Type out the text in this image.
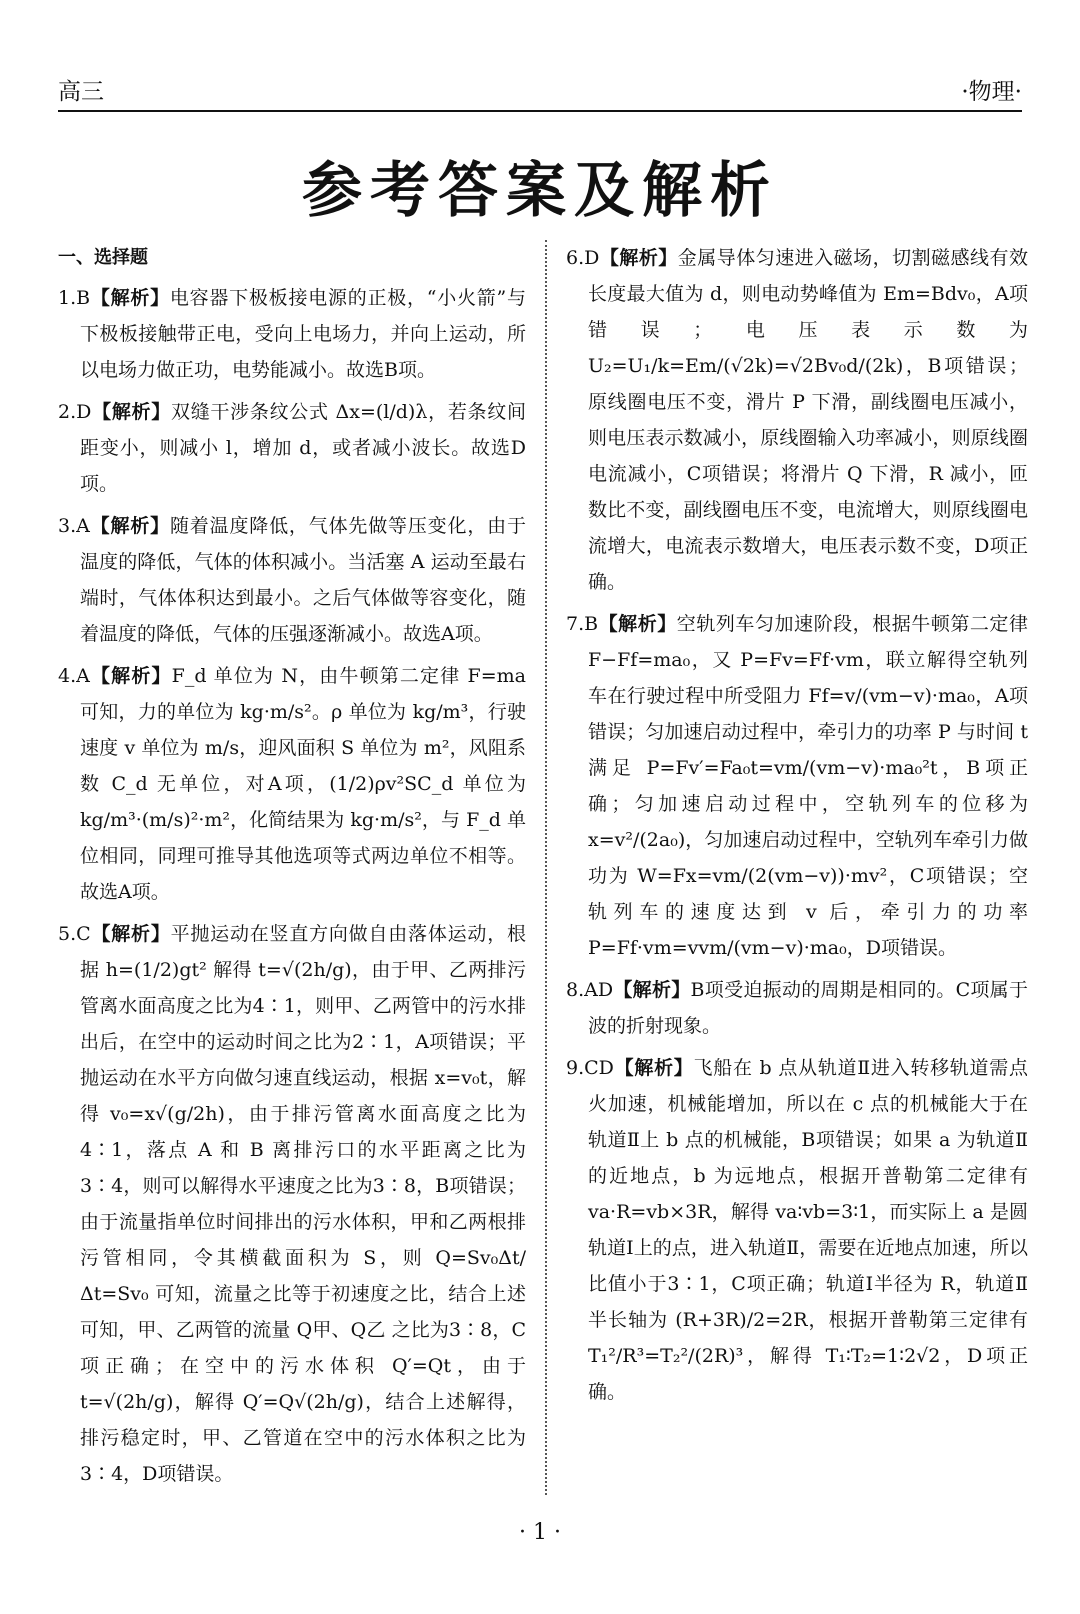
高三	·物理·
参考答案及解析
一、选择题

1.B【解析】电容器下极板接电源的正极，“小火箭”与下极板接触带正电，受向上电场力，并向上运动，所以电场力做正功，电势能减小。故选B项。

2.D【解析】双缝干涉条纹公式 Δx=(l/d)λ，若条纹间距变小，则减小 l，增加 d，或者减小波长。故选D项。

3.A【解析】随着温度降低，气体先做等压变化，由于温度的降低，气体的体积减小。当活塞 A 运动至最右端时，气体体积达到最小。之后气体做等容变化，随着温度的降低，气体的压强逐渐减小。故选A项。

4.A【解析】F_d 单位为 N，由牛顿第二定律 F=ma 可知，力的单位为 kg·m/s²。ρ 单位为 kg/m³，行驶速度 v 单位为 m/s，迎风面积 S 单位为 m²，风阻系数 C_d 无单位，对A项，(1/2)ρv²SC_d 单位为 kg/m³·(m/s)²·m²，化简结果为 kg·m/s²，与 F_d 单位相同，同理可推导其他选项等式两边单位不相等。故选A项。

5.C【解析】平抛运动在竖直方向做自由落体运动，根据 h=(1/2)gt² 解得 t=√(2h/g)，由于甲、乙两排污管离水面高度之比为4∶1，则甲、乙两管中的污水排出后，在空中的运动时间之比为2∶1，A项错误；平抛运动在水平方向做匀速直线运动，根据 x=v₀t，解得 v₀=x√(g/2h)，由于排污管离水面高度之比为4∶1，落点 A 和 B 离排污口的水平距离之比为3∶4，则可以解得水平速度之比为3∶8，B项错误；由于流量指单位时间排出的污水体积，甲和乙两根排污管相同，令其横截面积为 S，则 Q=Sv₀Δt/Δt=Sv₀ 可知，流量之比等于初速度之比，结合上述可知，甲、乙两管的流量 Q甲、Q乙 之比为3∶8，C项正确；在空中的污水体积 Q′=Qt，由于 t=√(2h/g)，解得 Q′=Q√(2h/g)，结合上述解得，排污稳定时，甲、乙管道在空中的污水体积之比为3∶4，D项错误。

6.D【解析】金属导体匀速进入磁场，切割磁感线有效长度最大值为 d，则电动势峰值为 Em=Bdv₀，A项错误；电压表示数为 U₂=U₁/k=Em/(√2k)=√2Bv₀d/(2k)，B项错误；原线圈电压不变，滑片 P 下滑，副线圈电压减小，则电压表示数减小，原线圈输入功率减小，则原线圈电流减小，C项错误；将滑片 Q 下滑，R 减小，匝数比不变，副线圈电压不变，电流增大，则原线圈电流增大，电流表示数增大，电压表示数不变，D项正确。

7.B【解析】空轨列车匀加速阶段，根据牛顿第二定律 F−Ff=ma₀，又 P=Fv=Ff·vm，联立解得空轨列车在行驶过程中所受阻力 Ff=v/(vm−v)·ma₀，A项错误；匀加速启动过程中，牵引力的功率 P 与时间 t 满足 P=Fv′=Fa₀t=vm/(vm−v)·ma₀²t，B项正确；匀加速启动过程中，空轨列车的位移为 x=v²/(2a₀)，匀加速启动过程中，空轨列车牵引力做功为 W=Fx=vm/(2(vm−v))·mv²，C项错误；空轨列车的速度达到 v 后，牵引力的功率 P=Ff·vm=vvm/(vm−v)·ma₀，D项错误。

8.AD【解析】B项受迫振动的周期是相同的。C项属于波的折射现象。

9.CD【解析】飞船在 b 点从轨道Ⅱ进入转移轨道需点火加速，机械能增加，所以在 c 点的机械能大于在轨道Ⅱ上 b 点的机械能，B项错误；如果 a 为轨道Ⅱ的近地点，b 为远地点，根据开普勒第二定律有 va·R=vb×3R，解得 va∶vb=3∶1，而实际上 a 是圆轨道Ⅰ上的点，进入轨道Ⅱ，需要在近地点加速，所以比值小于3∶1，C项正确；轨道Ⅰ半径为 R，轨道Ⅱ半长轴为 (R+3R)/2=2R，根据开普勒第三定律有 T₁²/R³=T₂²/(2R)³，解得 T₁∶T₂=1∶2√2，D项正确。

· 1 ·
